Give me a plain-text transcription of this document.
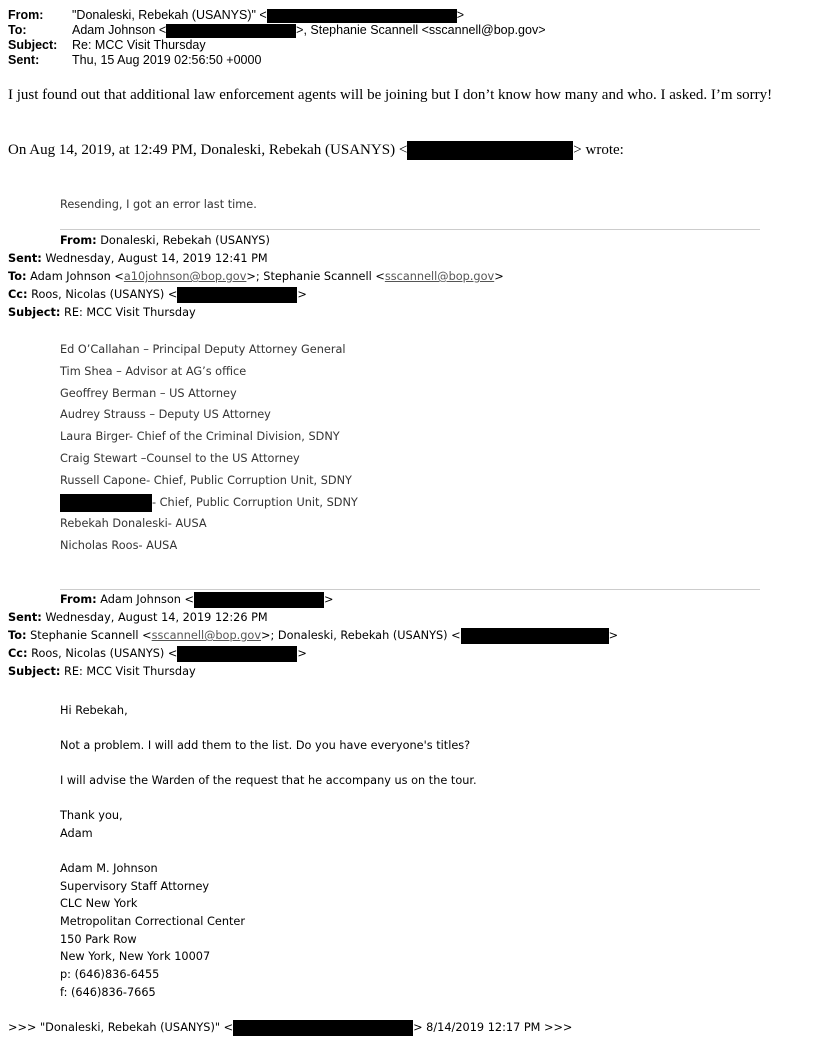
From: "Donaleski, Rebekah (USANYS)" <	>
To:	Adam Johnson <	>, Stephanie Scannell <sscannell@bop.gov>
Subject: Re: MCC Visit Thursday
Sent:	Thu, 15 Aug 2019 02:56:50 +0000
I just found out that additional law enforcement agents will be joining but I don’t know how many and who. I asked. I’m sorry!
On Aug 14, 2019, at 12:49 PM, Donaleski, Rebekah (USANYS) <	> wrote:
Resending, I got an error last time.
From: Donaleski, Rebekah (USANYS)
Sent: Wednesday, August 14, 2019 12:41 PM
To: Adam Johnson <a10johnson@bop.gov>; Stephanie Scannell <sscannell@bop.gov>
Cc: Roos, Nicolas (USANYS) <	>
Subject: RE: MCC Visit Thursday
Ed O’Callahan – Principal Deputy Attorney General
Tim Shea – Advisor at AG’s office
Geoffrey Berman – US Attorney
Audrey Strauss – Deputy US Attorney
Laura Birger- Chief of the Criminal Division, SDNY
Craig Stewart –Counsel to the US Attorney
Russell Capone- Chief, Public Corruption Unit, SDNY
- Chief, Public Corruption Unit, SDNY
Rebekah Donaleski- AUSA
Nicholas Roos- AUSA
From: Adam Johnson <	>
Sent: Wednesday, August 14, 2019 12:26 PM
To: Stephanie Scannell <sscannell@bop.gov>; Donaleski, Rebekah (USANYS) <	>
Cc: Roos, Nicolas (USANYS) <	>
Subject: RE: MCC Visit Thursday
Hi Rebekah,
Not a problem. I will add them to the list. Do you have everyone's titles?
I will advise the Warden of the request that he accompany us on the tour.
Thank you,
Adam
Adam M. Johnson
Supervisory Staff Attorney
CLC New York
Metropolitan Correctional Center
150 Park Row
New York, New York 10007
p: (646)836-6455
f: (646)836-7665
>>> "Donaleski, Rebekah (USANYS)" <	> 8/14/2019 12:17 PM >>>
